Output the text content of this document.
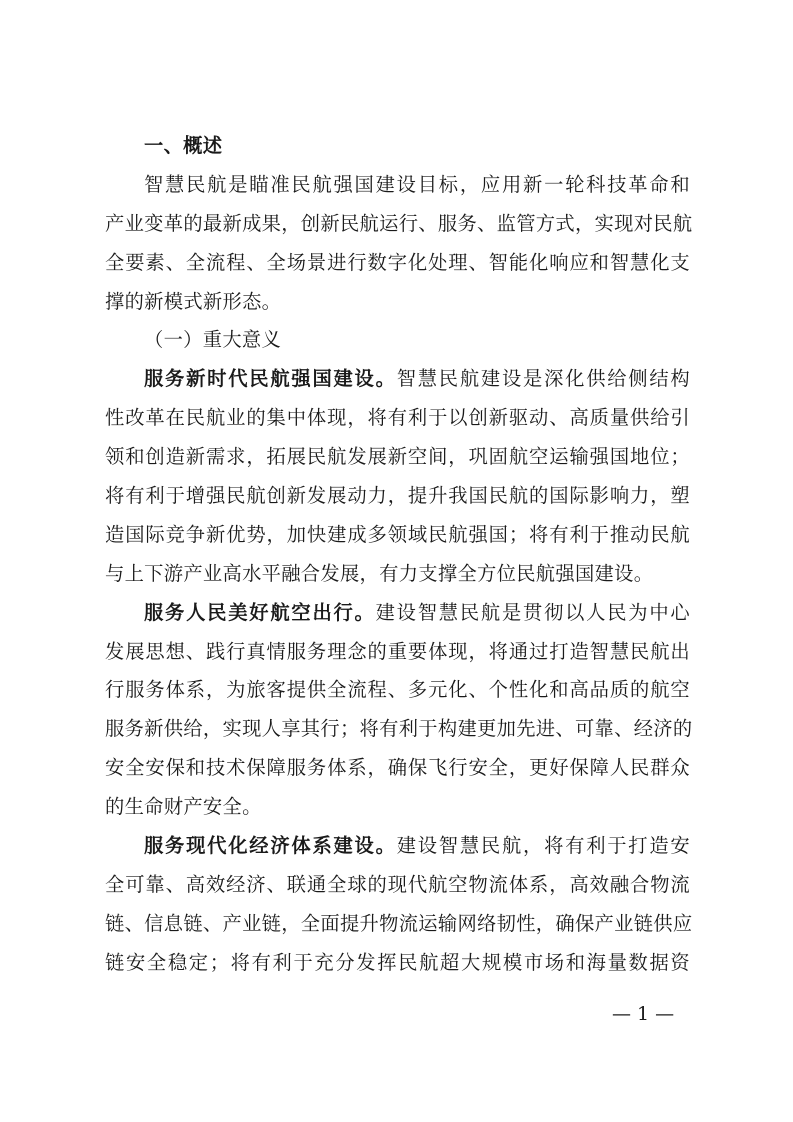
一、概述
智慧民航是瞄准民航强国建设目标，应用新一轮科技革命和
产业变革的最新成果，创新民航运行、服务、监管方式，实现对民航
全要素、全流程、全场景进行数字化处理、智能化响应和智慧化支
撑的新模式新形态。
（一）重大意义
服务新时代民航强国建设。智慧民航建设是深化供给侧结构
性改革在民航业的集中体现，将有利于以创新驱动、高质量供给引
领和创造新需求，拓展民航发展新空间，巩固航空运输强国地位；
将有利于增强民航创新发展动力，提升我国民航的国际影响力，塑
造国际竞争新优势，加快建成多领域民航强国；将有利于推动民航
与上下游产业高水平融合发展，有力支撑全方位民航强国建设。
服务人民美好航空出行。建设智慧民航是贯彻以人民为中心
发展思想、践行真情服务理念的重要体现，将通过打造智慧民航出
行服务体系，为旅客提供全流程、多元化、个性化和高品质的航空
服务新供给，实现人享其行；将有利于构建更加先进、可靠、经济的
安全安保和技术保障服务体系，确保飞行安全，更好保障人民群众
的生命财产安全。
服务现代化经济体系建设。建设智慧民航，将有利于打造安
全可靠、高效经济、联通全球的现代航空物流体系，高效融合物流
链、信息链、产业链，全面提升物流运输网络韧性，确保产业链供应
链安全稳定；将有利于充分发挥民航超大规模市场和海量数据资
— 1 —
